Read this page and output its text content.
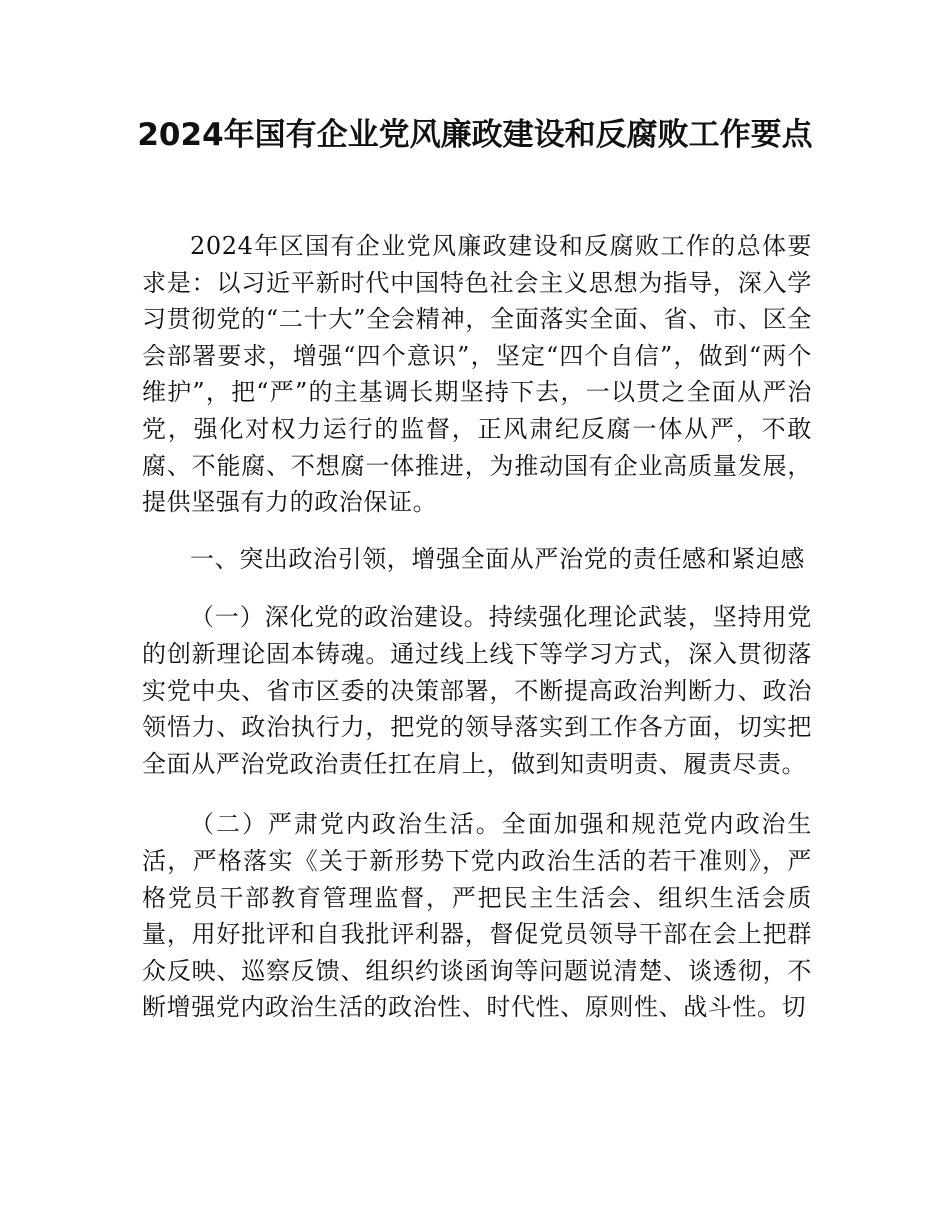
2024年国有企业党风廉政建设和反腐败工作要点

2024年区国有企业党风廉政建设和反腐败工作的总体要求是：以习近平新时代中国特色社会主义思想为指导，深入学习贯彻党的“二十大”全会精神，全面落实全面、省、市、区全会部署要求，增强“四个意识”，坚定“四个自信”，做到“两个维护”，把“严”的主基调长期坚持下去，一以贯之全面从严治党，强化对权力运行的监督，正风肃纪反腐一体从严，不敢腐、不能腐、不想腐一体推进，为推动国有企业高质量发展，提供坚强有力的政治保证。

一、突出政治引领，增强全面从严治党的责任感和紧迫感

（一）深化党的政治建设。持续强化理论武装，坚持用党的创新理论固本铸魂。通过线上线下等学习方式，深入贯彻落实党中央、省市区委的决策部署，不断提高政治判断力、政治领悟力、政治执行力，把党的领导落实到工作各方面，切实把全面从严治党政治责任扛在肩上，做到知责明责、履责尽责。

（二）严肃党内政治生活。全面加强和规范党内政治生活，严格落实《关于新形势下党内政治生活的若干准则》，严格党员干部教育管理监督，严把民主生活会、组织生活会质量，用好批评和自我批评利器，督促党员领导干部在会上把群众反映、巡察反馈、组织约谈函询等问题说清楚、谈透彻，不断增强党内政治生活的政治性、时代性、原则性、战斗性。切
